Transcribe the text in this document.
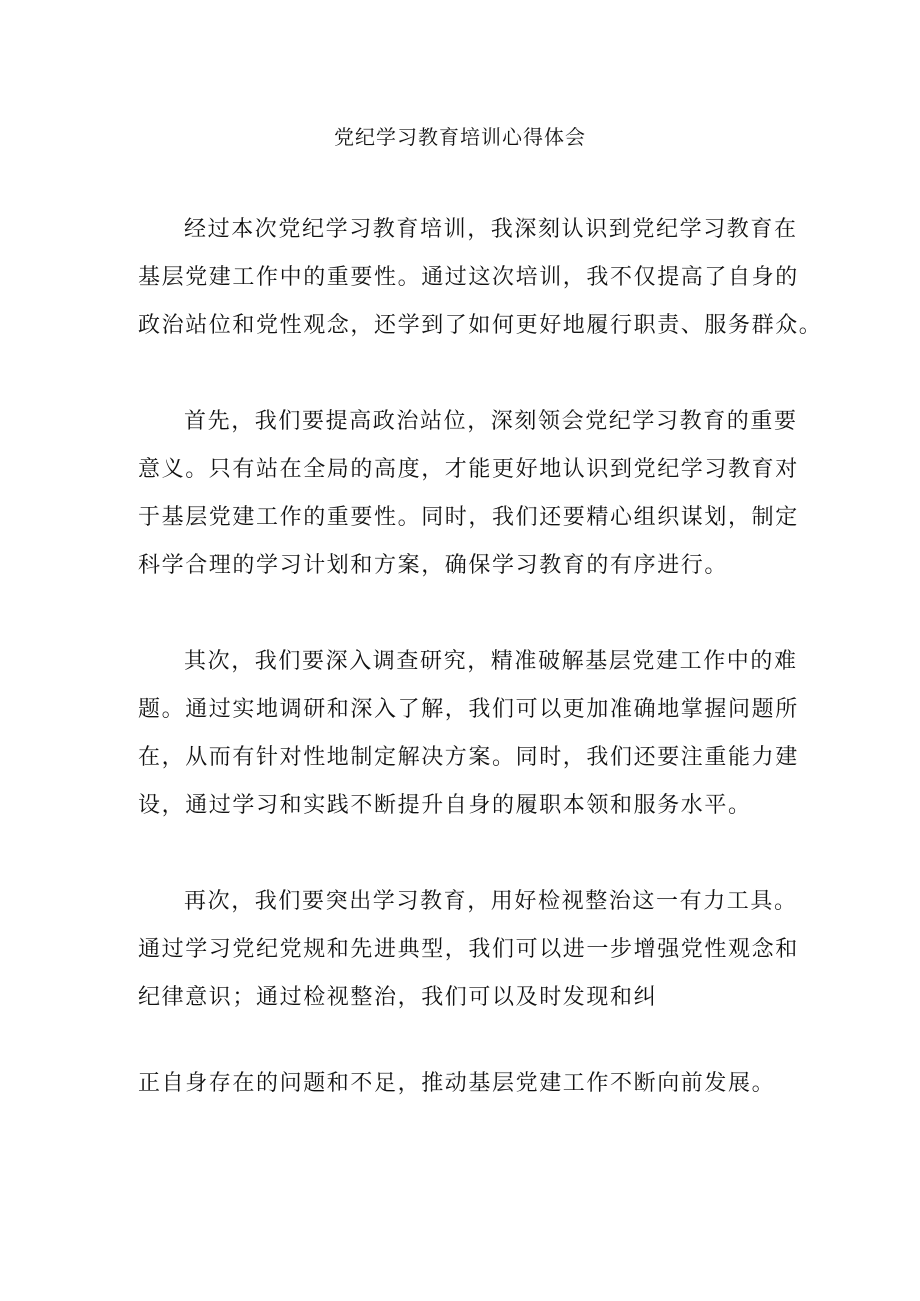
党纪学习教育培训心得体会

经过本次党纪学习教育培训，我深刻认识到党纪学习教育在
基层党建工作中的重要性。通过这次培训，我不仅提高了自身的
政治站位和党性观念，还学到了如何更好地履行职责、服务群众。

首先，我们要提高政治站位，深刻领会党纪学习教育的重要
意义。只有站在全局的高度，才能更好地认识到党纪学习教育对
于基层党建工作的重要性。同时，我们还要精心组织谋划，制定
科学合理的学习计划和方案，确保学习教育的有序进行。

其次，我们要深入调查研究，精准破解基层党建工作中的难
题。通过实地调研和深入了解，我们可以更加准确地掌握问题所
在，从而有针对性地制定解决方案。同时，我们还要注重能力建
设，通过学习和实践不断提升自身的履职本领和服务水平。

再次，我们要突出学习教育，用好检视整治这一有力工具。
通过学习党纪党规和先进典型，我们可以进一步增强党性观念和
纪律意识；通过检视整治，我们可以及时发现和纠

正自身存在的问题和不足，推动基层党建工作不断向前发展。
